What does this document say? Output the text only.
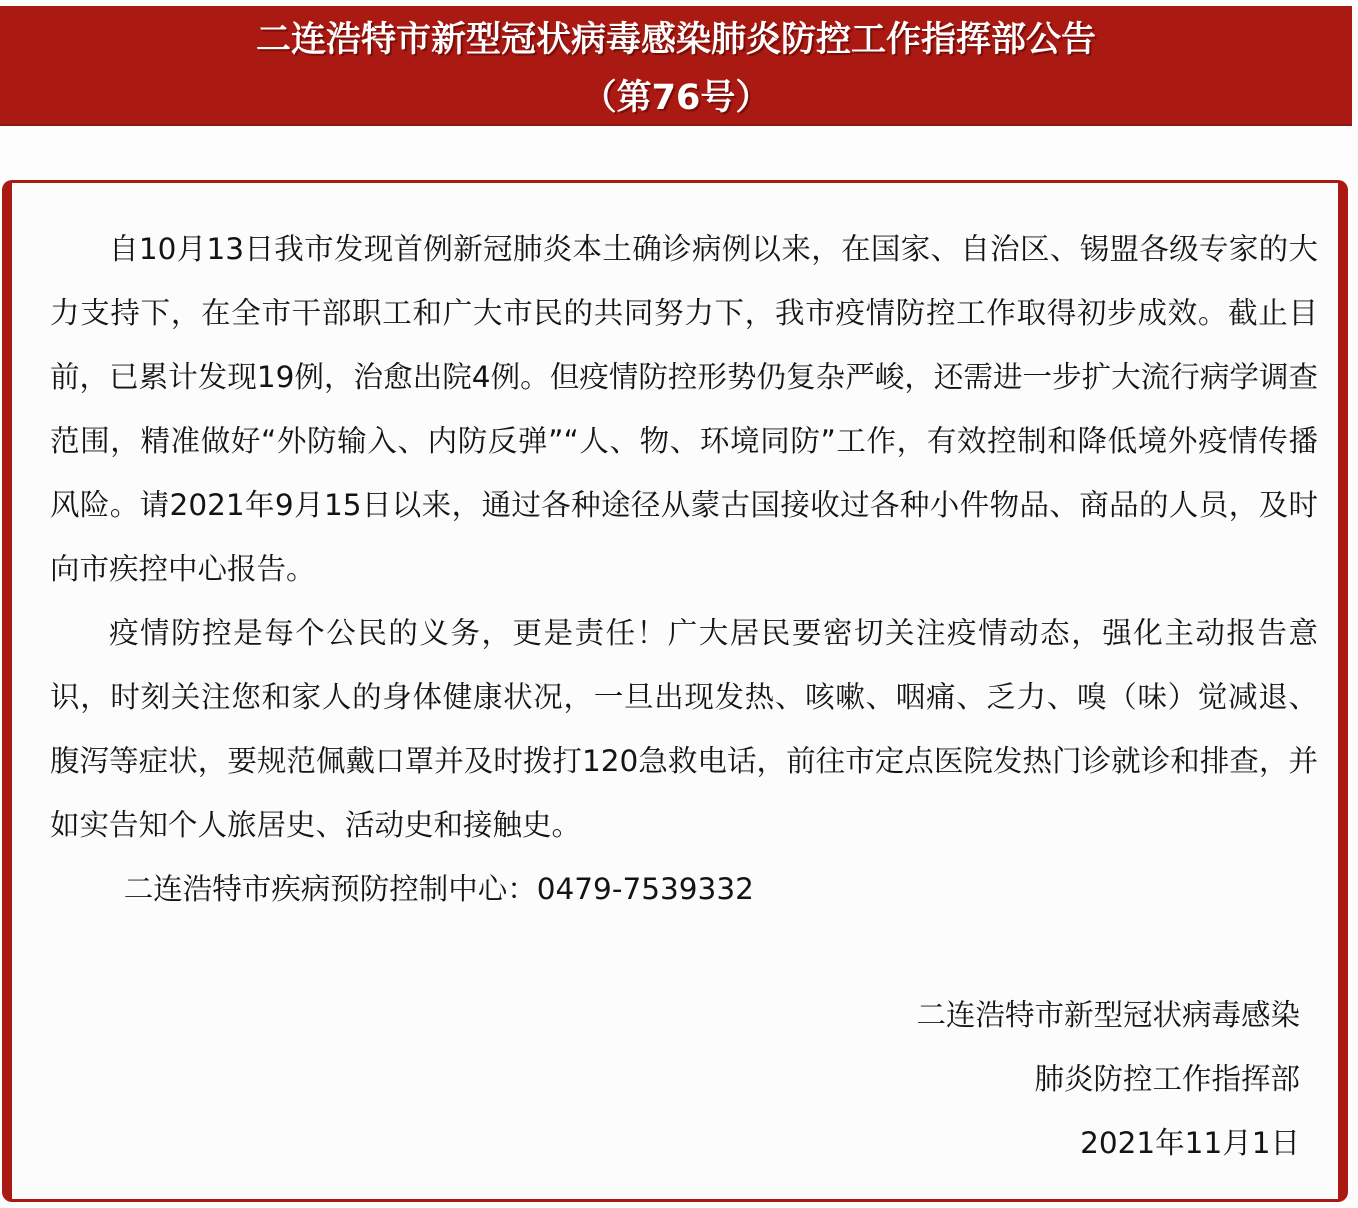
二连浩特市新型冠状病毒感染肺炎防控工作指挥部公告
（第76号）

自10月13日我市发现首例新冠肺炎本土确诊病例以来，在国家、自治区、锡盟各级专家的大力支持下，在全市干部职工和广大市民的共同努力下，我市疫情防控工作取得初步成效。截止目前，已累计发现19例，治愈出院4例。但疫情防控形势仍复杂严峻，还需进一步扩大流行病学调查范围，精准做好“外防输入、内防反弹”“人、物、环境同防”工作，有效控制和降低境外疫情传播风险。请2021年9月15日以来，通过各种途径从蒙古国接收过各种小件物品、商品的人员，及时向市疾控中心报告。

疫情防控是每个公民的义务，更是责任！广大居民要密切关注疫情动态，强化主动报告意识，时刻关注您和家人的身体健康状况，一旦出现发热、咳嗽、咽痛、乏力、嗅（味）觉减退、腹泻等症状，要规范佩戴口罩并及时拨打120急救电话，前往市定点医院发热门诊就诊和排查，并如实告知个人旅居史、活动史和接触史。

二连浩特市疾病预防控制中心：0479-7539332

二连浩特市新型冠状病毒感染
肺炎防控工作指挥部
2021年11月1日
